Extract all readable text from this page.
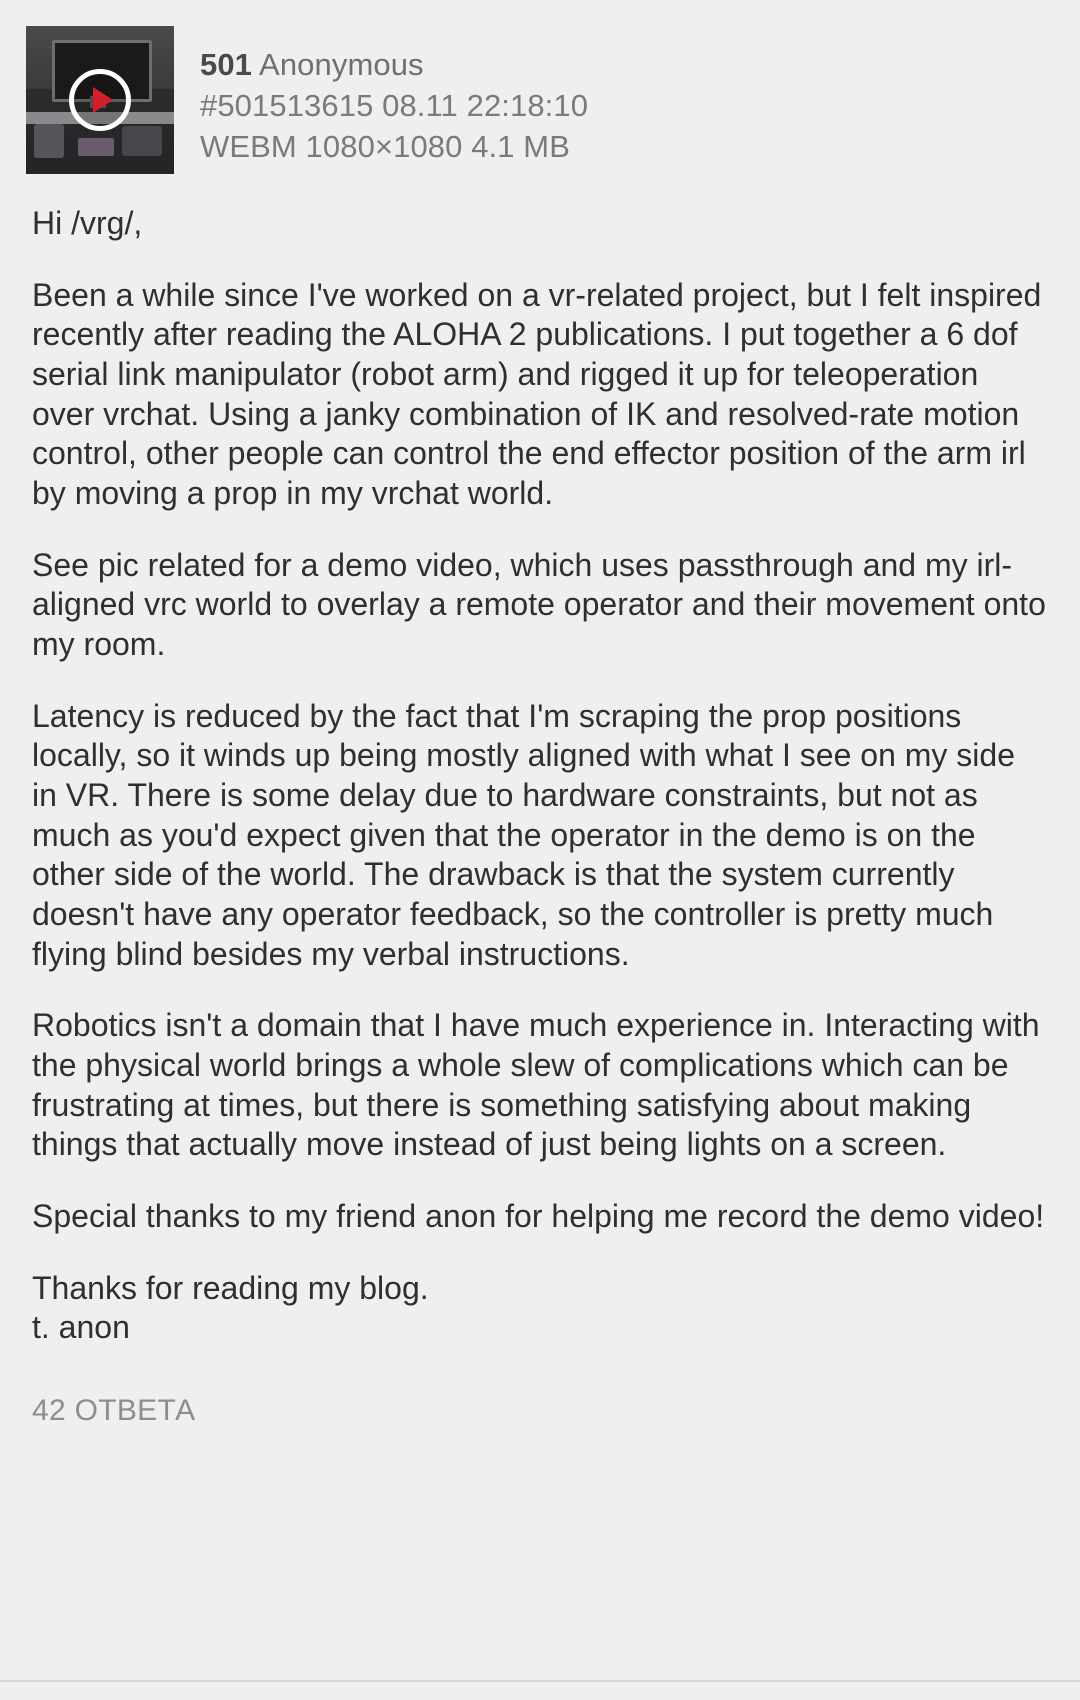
501 Anonymous
#501513615 08.11 22:18:10
WEBM 1080×1080 4.1 MB

Hi /vrg/,

Been a while since I've worked on a vr-related project, but I felt inspired recently after reading the ALOHA 2 publications. I put together a 6 dof serial link manipulator (robot arm) and rigged it up for teleoperation over vrchat. Using a janky combination of IK and resolved-rate motion control, other people can control the end effector position of the arm irl by moving a prop in my vrchat world.

See pic related for a demo video, which uses passthrough and my irl-aligned vrc world to overlay a remote operator and their movement onto my room.

Latency is reduced by the fact that I'm scraping the prop positions locally, so it winds up being mostly aligned with what I see on my side in VR. There is some delay due to hardware constraints, but not as much as you'd expect given that the operator in the demo is on the other side of the world. The drawback is that the system currently doesn't have any operator feedback, so the controller is pretty much flying blind besides my verbal instructions.

Robotics isn't a domain that I have much experience in. Interacting with the physical world brings a whole slew of complications which can be frustrating at times, but there is something satisfying about making things that actually move instead of just being lights on a screen.

Special thanks to my friend anon for helping me record the demo video!

Thanks for reading my blog.
t. anon
42 ОТВЕТА
